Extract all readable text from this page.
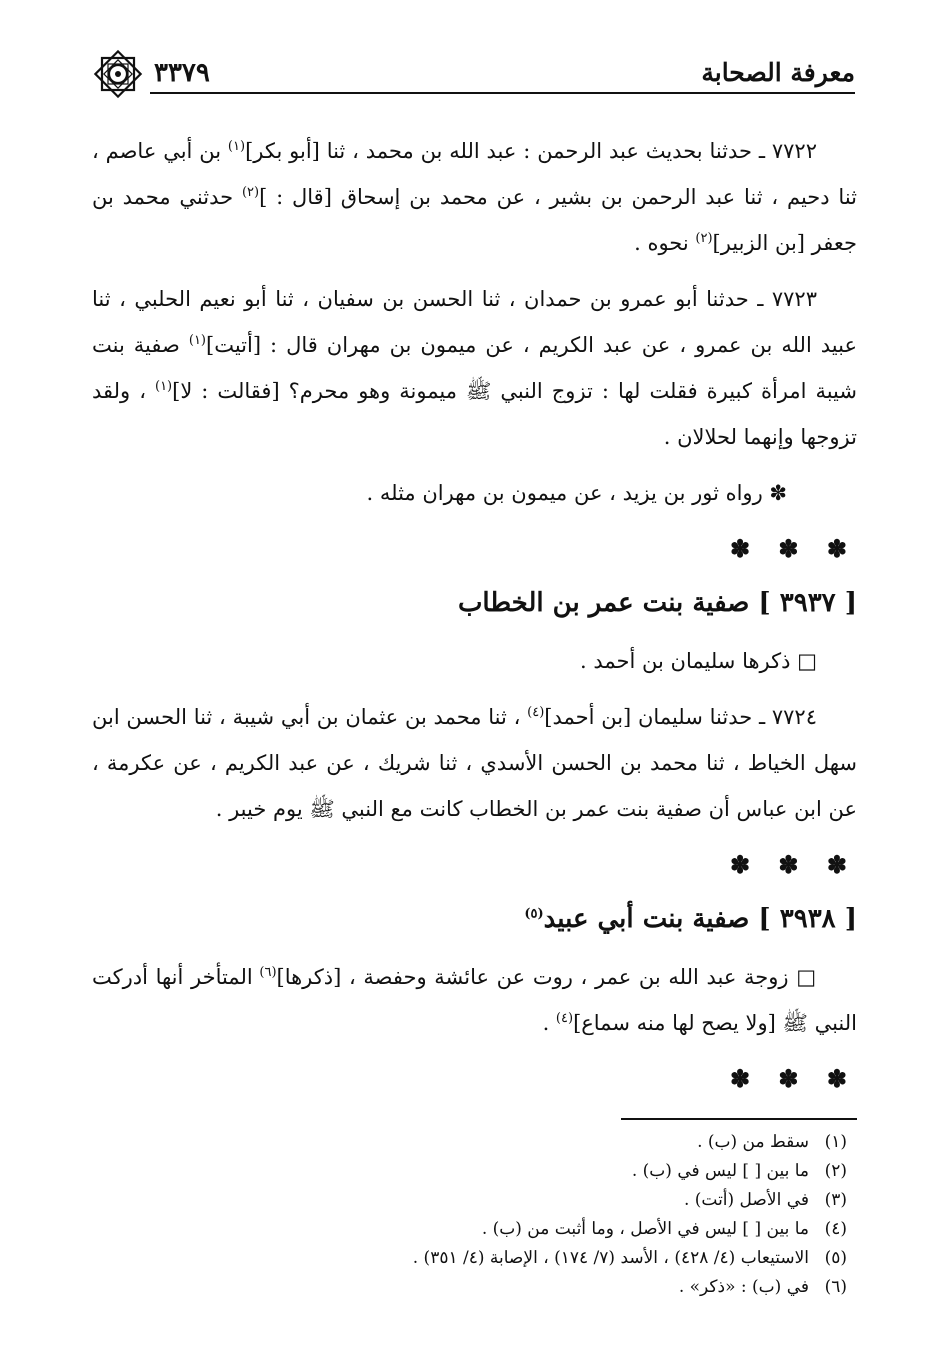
معرفة الصحابة
٣٣٧٩

٧٧٢٢ ـ حدثنا بحديث عبد الرحمن : عبد الله بن محمد ، ثنا [أبو بكر]$^{(١)}$ بن أبي عاصم ، ثنا دحيم ، ثنا عبد الرحمن بن بشير ، عن محمد بن إسحاق [قال : ]$^{(٢)}$ حدثني محمد بن جعفر [بن الزبير]$^{(٢)}$ نحوه .

٧٧٢٣ ـ حدثنا أبو عمرو بن حمدان ، ثنا الحسن بن سفيان ، ثنا أبو نعيم الحلبي ، ثنا عبيد الله بن عمرو ، عن عبد الكريم ، عن ميمون بن مهران قال : [أتيت]$^{(١)}$ صفية بنت شيبة امرأة كبيرة فقلت لها : تزوج النبي ﷺ ميمونة وهو محرم؟ [فقالت : لا]$^{(١)}$ ، ولقد تزوجها وإنهما لحلالان .

✽ رواه ثور بن يزيد ، عن ميمون بن مهران مثله .

✽ ✽ ✽
[ ٣٩٣٧ ] صفية بنت عمر بن الخطاب

□ ذكرها سليمان بن أحمد .

٧٧٢٤ ـ حدثنا سليمان [بن أحمد]$^{(٤)}$ ، ثنا محمد بن عثمان بن أبي شيبة ، ثنا الحسن ابن سهل الخياط ، ثنا محمد بن الحسن الأسدي ، ثنا شريك ، عن عبد الكريم ، عن عكرمة ، عن ابن عباس أن صفية بنت عمر بن الخطاب كانت مع النبي ﷺ يوم خيبر .

✽ ✽ ✽
[ ٣٩٣٨ ] صفية بنت أبي عبيد$^{(٥)}$

□ زوجة عبد الله بن عمر ، روت عن عائشة وحفصة ، [ذكرها]$^{(٦)}$ المتأخر أنها أدركت النبي ﷺ [ولا يصح لها منه سماع]$^{(٤)}$ .

✽ ✽ ✽
(١)سقط من (ب) .
(٢)ما بين [ ] ليس في (ب) .
(٣)في الأصل (أتت) .
(٤)ما بين [ ] ليس في الأصل ، وما أثبت من (ب) .
(٥)الاستيعاب (٤/ ٤٢٨) ، الأسد (٧/ ١٧٤) ، الإصابة (٤/ ٣٥١) .
(٦)في (ب) : «ذكر» .
